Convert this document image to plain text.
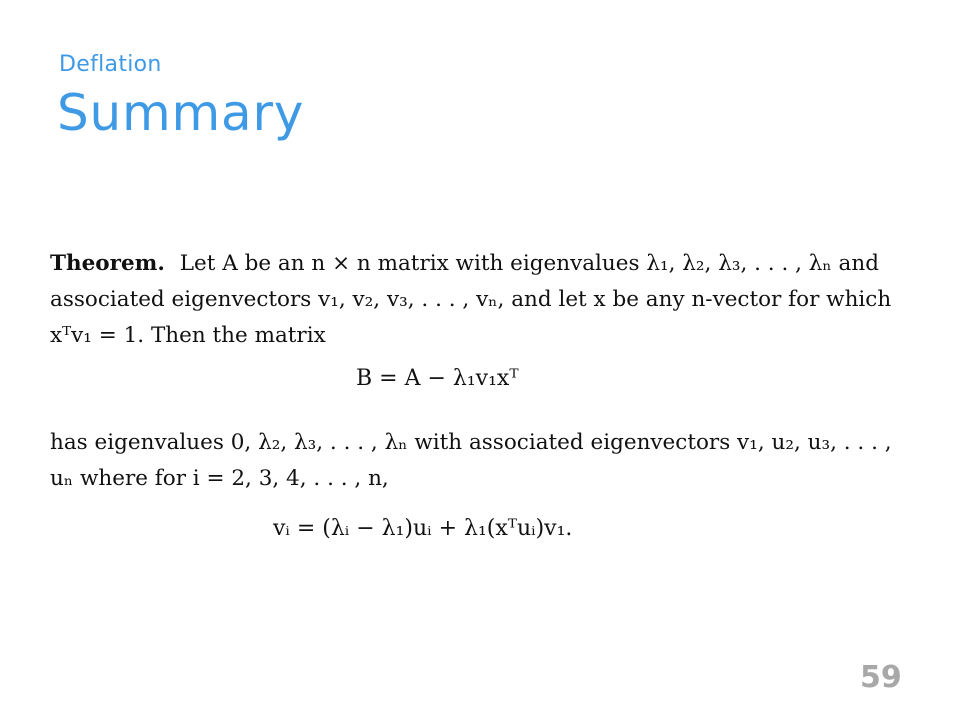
Deflation
Summary
Theorem. Let A be an n × n matrix with eigenvalues λ₁, λ₂, λ₃, . . . , λₙ and
associated eigenvectors v₁, v₂, v₃, . . . , vₙ, and let x be any n-vector for which
xᵀv₁ = 1. Then the matrix
B = A − λ₁v₁xᵀ
has eigenvalues 0, λ₂, λ₃, . . . , λₙ with associated eigenvectors v₁, u₂, u₃, . . . ,
uₙ where for i = 2, 3, 4, . . . , n,
vᵢ = (λᵢ − λ₁)uᵢ + λ₁(xᵀuᵢ)v₁.
59
